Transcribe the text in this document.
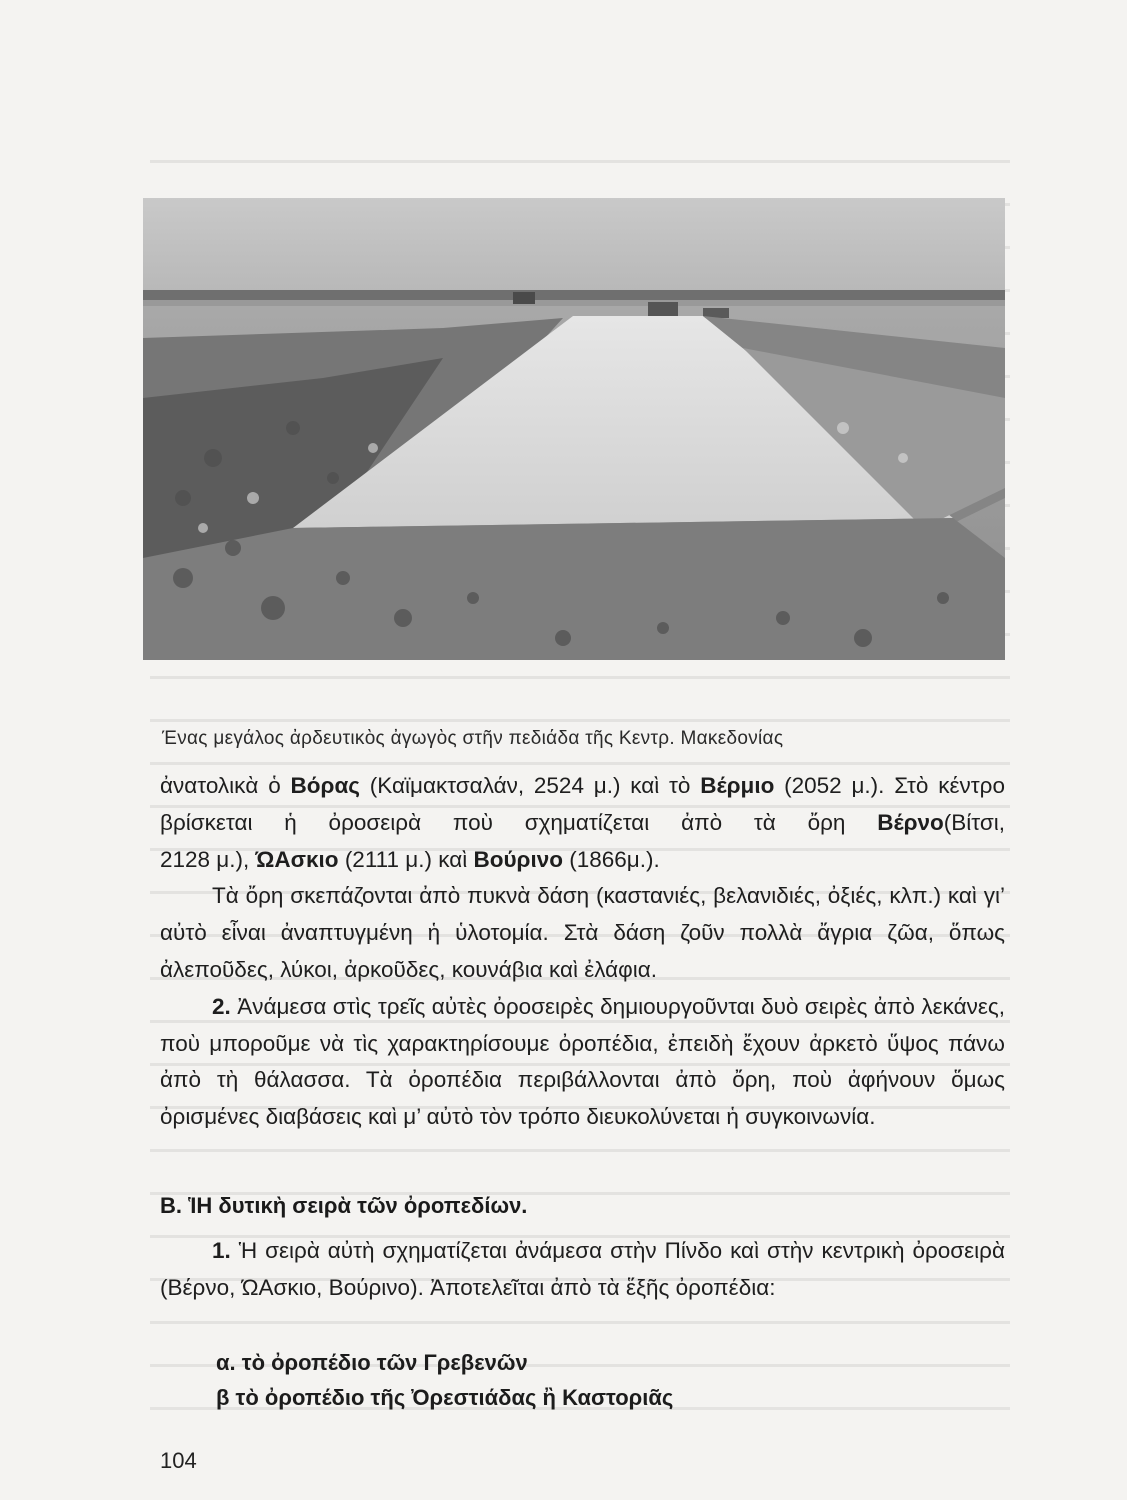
Ένας μεγάλος ἀρδευτικὸς ἀγωγὸς στῆν πεδιάδα τῆς Κεντρ. Μακεδονίας

ἀνατολικὰ ὁ Βόρας (Καϊμακτσαλάν, 2524 μ.) καὶ τὸ Βέρμιο (2052 μ.). Στὸ κέντρο βρίσκεται ἡ ὀροσειρὰ ποὺ σχηματίζεται ἀπὸ τὰ ὄρη Βέρνο(Βίτσι,

2128 μ.), ΏΑσκιο (2111 μ.) καὶ Βούρινο (1866μ.).

Τὰ ὄρη σκεπάζονται ἀπὸ πυκνὰ δάση (καστανιές, βελανιδιές, ὀξιές, κλπ.) καὶ γι’ αὐτὸ εἶναι ἀναπτυγμένη ἡ ὑλοτομία. Στὰ δάση ζοῦν πολλὰ ἄγρια ζῶα, ὅπως ἀλεποῦδες, λύκοι, ἀρκοῦδες, κουνάβια καὶ ἐλάφια.

2. Ἀνάμεσα στὶς τρεῖς αὐτὲς ὀροσειρὲς δημιουργοῦνται δυὸ σειρὲς ἀπὸ λεκάνες, ποὺ μποροῦμε νὰ τὶς χαρακτηρίσουμε ὀροπέδια, ἐπειδὴ ἔχουν ἀρκετὸ ὕψος πάνω ἀπὸ τὴ θάλασσα. Τὰ ὀροπέδια περιβάλλονται ἀπὸ ὄρη, ποὺ ἀφήνουν ὅμως ὀρισμένες διαβάσεις καὶ μ’ αὐτὸ τὸν τρόπο διευκολύνεται ἡ συγκοινωνία.

Β. ἹΗ δυτικὴ σειρὰ τῶν ὀροπεδίων.

1. Ἡ σειρὰ αὐτὴ σχηματίζεται ἀνάμεσα στὴν Πίνδο καὶ στὴν κεντρικὴ ὀροσειρὰ (Βέρνο, ΏΑσκιο, Βούρινο). Ἀποτελεῖται ἀπὸ τὰ ἕξῆς ὀροπέδια:

α. τὸ ὀροπέδιο τῶν Γρεβενῶν
β τὸ ὀροπέδιο τῆς Ὀρεστιάδας ἢ Καστοριᾶς
104
